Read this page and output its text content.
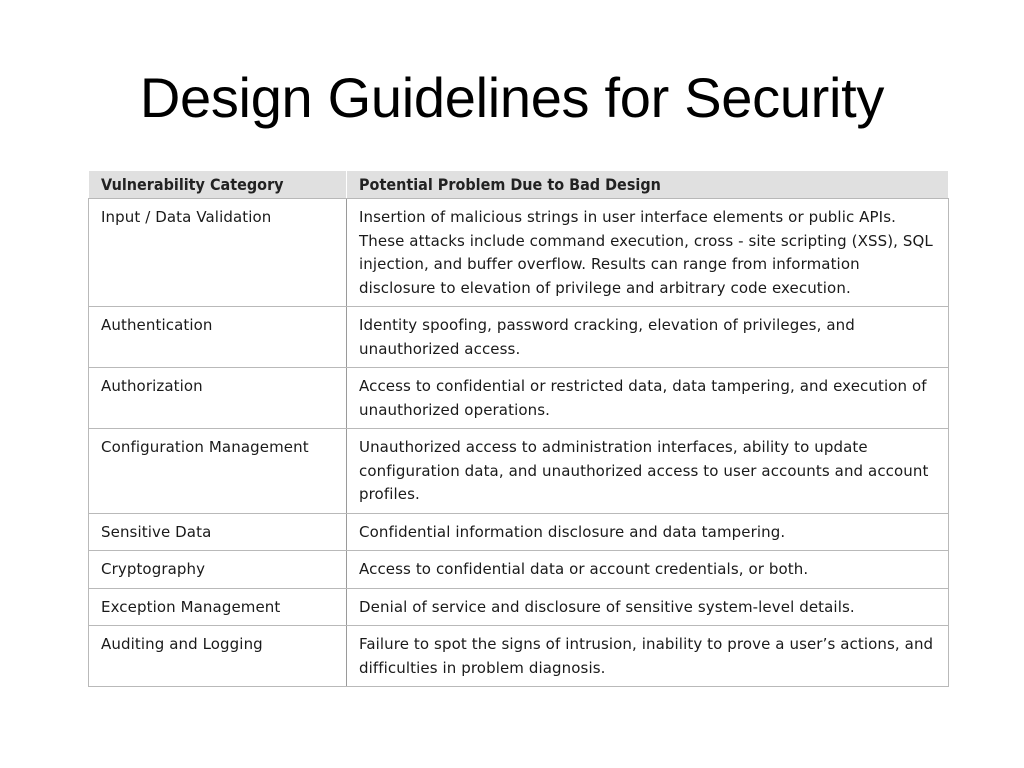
Design Guidelines for Security
Vulnerability Category	Potential Problem Due to Bad Design
Input / Data Validation	Insertion of malicious strings in user interface elements or public APIs. These attacks include command execution, cross - site scripting (XSS), SQL injection, and buffer overflow. Results can range from information disclosure to elevation of privilege and arbitrary code execution.
Authentication	Identity spoofing, password cracking, elevation of privileges, and unauthorized access.
Authorization	Access to confidential or restricted data, data tampering, and execution of unauthorized operations.
Configuration Management	Unauthorized access to administration interfaces, ability to update configuration data, and unauthorized access to user accounts and account profiles.
Sensitive Data	Confidential information disclosure and data tampering.
Cryptography	Access to confidential data or account credentials, or both.
Exception Management	Denial of service and disclosure of sensitive system-level details.
Auditing and Logging	Failure to spot the signs of intrusion, inability to prove a user’s actions, and difficulties in problem diagnosis.
